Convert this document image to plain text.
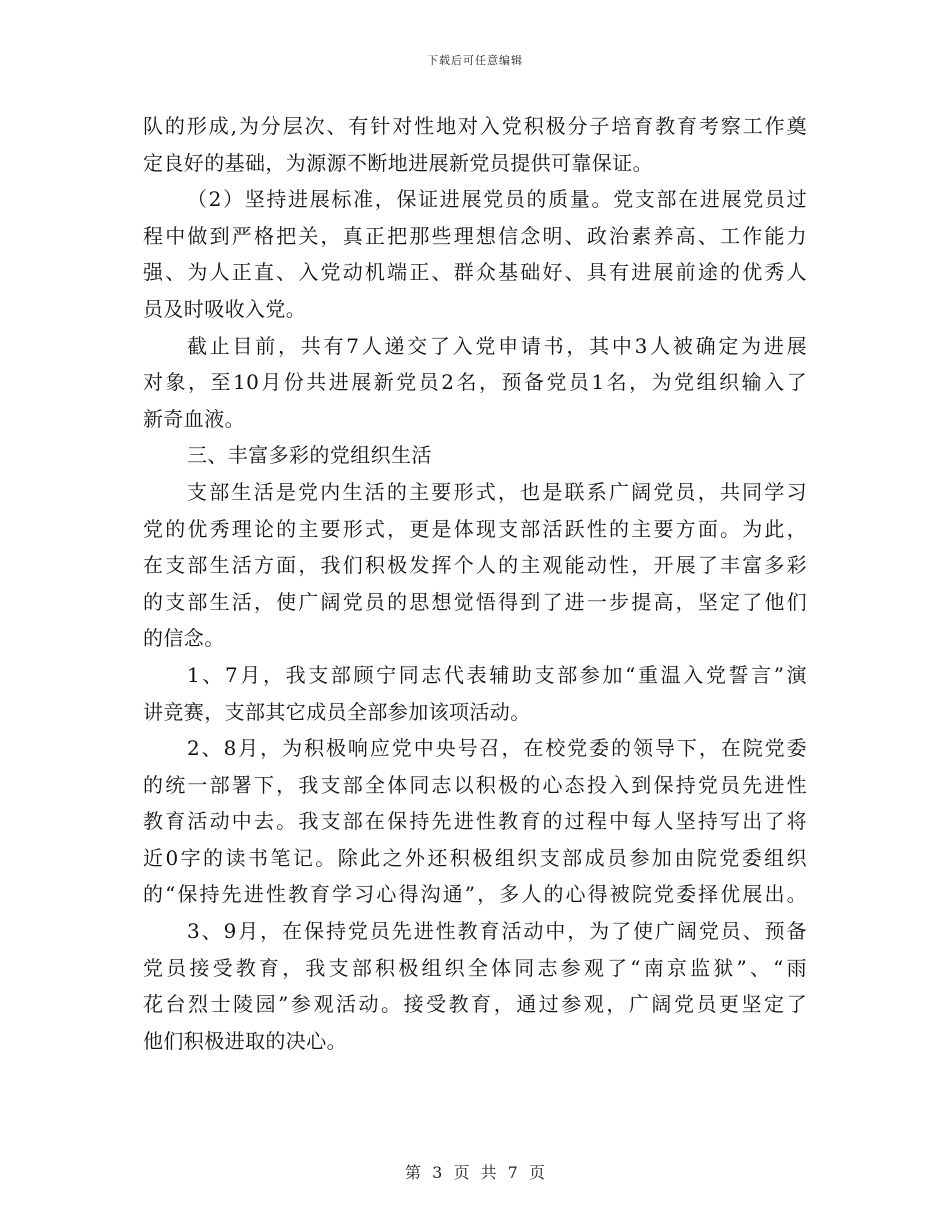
下载后可任意编辑
队的形成,为分层次、有针对性地对入党积极分子培育教育考察工作奠
定良好的基础，为源源不断地进展新党员提供可靠保证。
（2）坚持进展标准，保证进展党员的质量。党支部在进展党员过
程中做到严格把关，真正把那些理想信念明、政治素养高、工作能力
强、为人正直、入党动机端正、群众基础好、具有进展前途的优秀人
员及时吸收入党。
截止目前，共有7人递交了入党申请书，其中3人被确定为进展
对象，至10月份共进展新党员2名，预备党员1名，为党组织输入了
新奇血液。
三、丰富多彩的党组织生活
支部生活是党内生活的主要形式，也是联系广阔党员，共同学习
党的优秀理论的主要形式，更是体现支部活跃性的主要方面。为此，
在支部生活方面，我们积极发挥个人的主观能动性，开展了丰富多彩
的支部生活，使广阔党员的思想觉悟得到了进一步提高，坚定了他们
的信念。
1、7月，我支部顾宁同志代表辅助支部参加“重温入党誓言”演
讲竞赛，支部其它成员全部参加该项活动。
2、8月，为积极响应党中央号召，在校党委的领导下，在院党委
的统一部署下，我支部全体同志以积极的心态投入到保持党员先进性
教育活动中去。我支部在保持先进性教育的过程中每人坚持写出了将
近0字的读书笔记。除此之外还积极组织支部成员参加由院党委组织
的“保持先进性教育学习心得沟通”，多人的心得被院党委择优展出。
3、9月，在保持党员先进性教育活动中，为了使广阔党员、预备
党员接受教育，我支部积极组织全体同志参观了“南京监狱”、“雨
花台烈士陵园”参观活动。接受教育，通过参观，广阔党员更坚定了
他们积极进取的决心。
第 3 页 共 7 页
